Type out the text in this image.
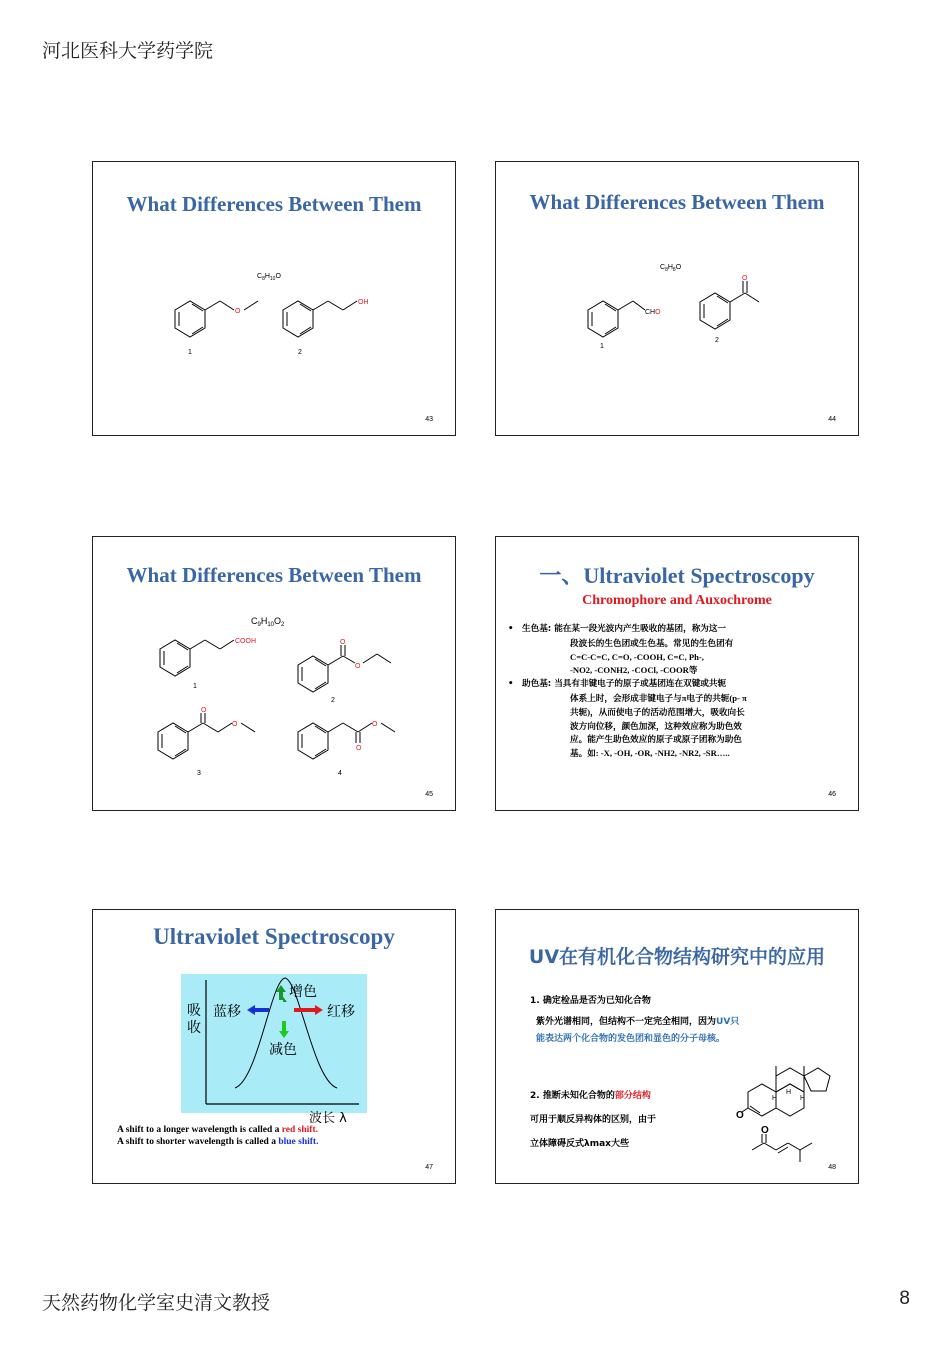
河北医科大学药学院
天然药物化学室史清文教授	8
What Differences Between Them
$C_8H_{10}O$
O
1
OH
2
43
What Differences Between Them
$C_8H_8O$
CHO
1
O
2
44
What Differences Between Them
$C_9H_{10}O_2$
COOH
1
O
O
2
O
O
3
O
O
4
45
一、Ultraviolet Spectroscopy
Chromophore and Auxochrome
• 生色基: 能在某一段光波内产生吸收的基团，称为这一
段波长的生色团或生色基。常见的生色团有
C=C-C=C, C=O, -COOH, C=C, Ph-,
-NO2, -CONH2, -COCl, -COOR等
• 助色基: 当具有非键电子的原子或基团连在双键或共轭
体系上时，会形成非键电子与π电子的共轭(p- π
共轭)，从而使电子的活动范围增大，吸收向长
波方向位移，颜色加深，这种效应称为助色效
应。能产生助色效应的原子或原子团称为助色
基。如: -X, -OH, -OR, -NH2, -NR2, -SR…..
46
Ultraviolet Spectroscopy
吸
收
增色
减色
蓝移	红移
波长 λ
A shift to a longer wavelength is called a red shift.
A shift to shorter wavelength is called a blue shift.
47
UV在有机化合物结构研究中的应用
1. 确定检品是否为已知化合物
紫外光谱相同，但结构不一定完全相同，因为UV只
能表达两个化合物的发色团和显色的分子母核。
2. 推断未知化合物的部分结构
可用于顺反异构体的区别，由于
立体障碍反式λmax大些
O
H
H	H
O
48
